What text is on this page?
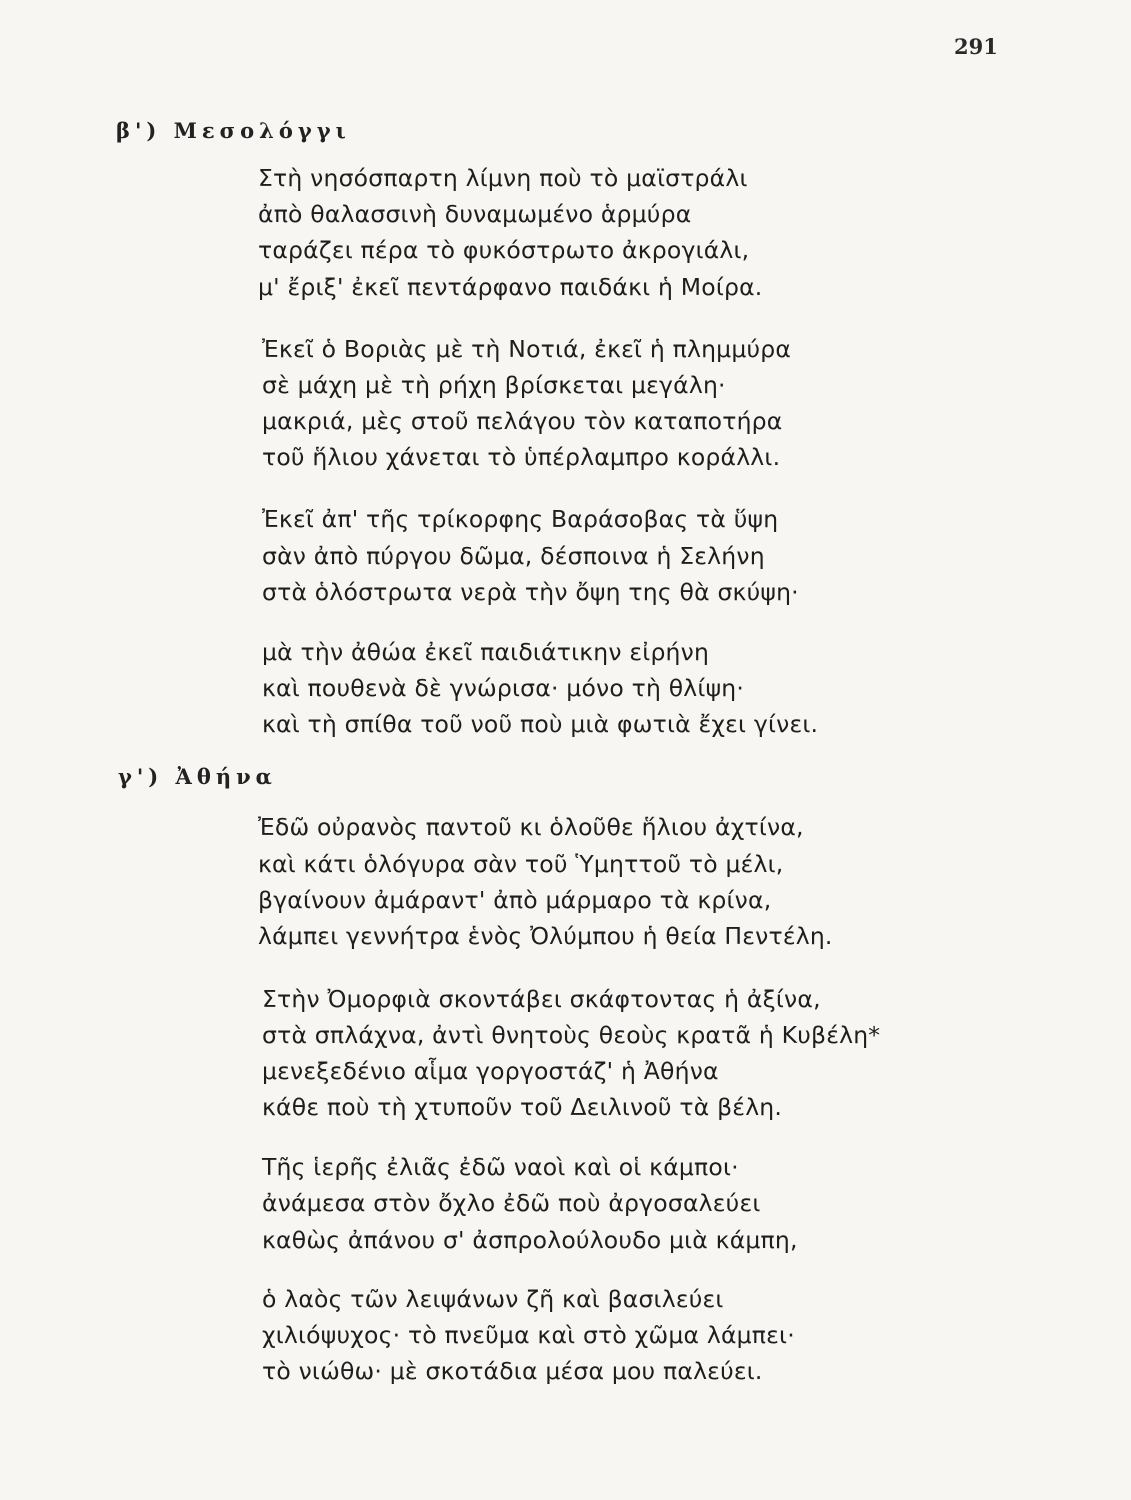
291
β') Μεσολόγγι
Στὴ νησόσπαρτη λίμνη ποὺ τὸ μαϊστράλι
ἀπὸ θαλασσινὴ δυναμωμένο ἁρμύρα
ταράζει πέρα τὸ φυκόστρωτο ἀκρογιάλι,
μ' ἔριξ' ἐκεῖ πεντάρφανο παιδάκι ἡ Μοίρα.
Ἐκεῖ ὁ Βοριὰς μὲ τὴ Νοτιά, ἐκεῖ ἡ πλημμύρα
σὲ μάχη μὲ τὴ ρήχη βρίσκεται μεγάλη·
μακριά, μὲς στοῦ πελάγου τὸν καταποτήρα
τοῦ ἥλιου χάνεται τὸ ὑπέρλαμπρο κοράλλι.
Ἐκεῖ ἀπ' τῆς τρίκορφης Βαράσοβας τὰ ὕψη
σὰν ἀπὸ πύργου δῶμα, δέσποινα ἡ Σελήνη
στὰ ὁλόστρωτα νερὰ τὴν ὄψη της θὰ σκύψη·
μὰ τὴν ἀθώα ἐκεῖ παιδιάτικην εἰρήνη
καὶ πουθενὰ δὲ γνώρισα· μόνο τὴ θλίψη·
καὶ τὴ σπίθα τοῦ νοῦ ποὺ μιὰ φωτιὰ ἔχει γίνει.
γ') Ἀθήνα
Ἐδῶ οὐρανὸς παντοῦ κι ὁλοῦθε ἥλιου ἀχτίνα,
καὶ κάτι ὁλόγυρα σὰν τοῦ Ὑμηττοῦ τὸ μέλι,
βγαίνουν ἀμάραντ' ἀπὸ μάρμαρο τὰ κρίνα,
λάμπει γεννήτρα ἑνὸς Ὀλύμπου ἡ θεία Πεντέλη.
Στὴν Ὀμορφιὰ σκοντάβει σκάφτοντας ἡ ἀξίνα,
στὰ σπλάχνα, ἀντὶ θνητοὺς θεοὺς κρατᾶ ἡ Κυβέλη*
μενεξεδένιο αἷμα γοργοστάζ' ἡ Ἀθήνα
κάθε ποὺ τὴ χτυποῦν τοῦ Δειλινοῦ τὰ βέλη.
Τῆς ἱερῆς ἐλιᾶς ἐδῶ ναοὶ καὶ οἱ κάμποι·
ἀνάμεσα στὸν ὄχλο ἐδῶ ποὺ ἀργοσαλεύει
καθὼς ἀπάνου σ' ἀσπρολούλουδο μιὰ κάμπη,
ὁ λαὸς τῶν λειψάνων ζῆ καὶ βασιλεύει
χιλιόψυχος· τὸ πνεῦμα καὶ στὸ χῶμα λάμπει·
τὸ νιώθω· μὲ σκοτάδια μέσα μου παλεύει.
